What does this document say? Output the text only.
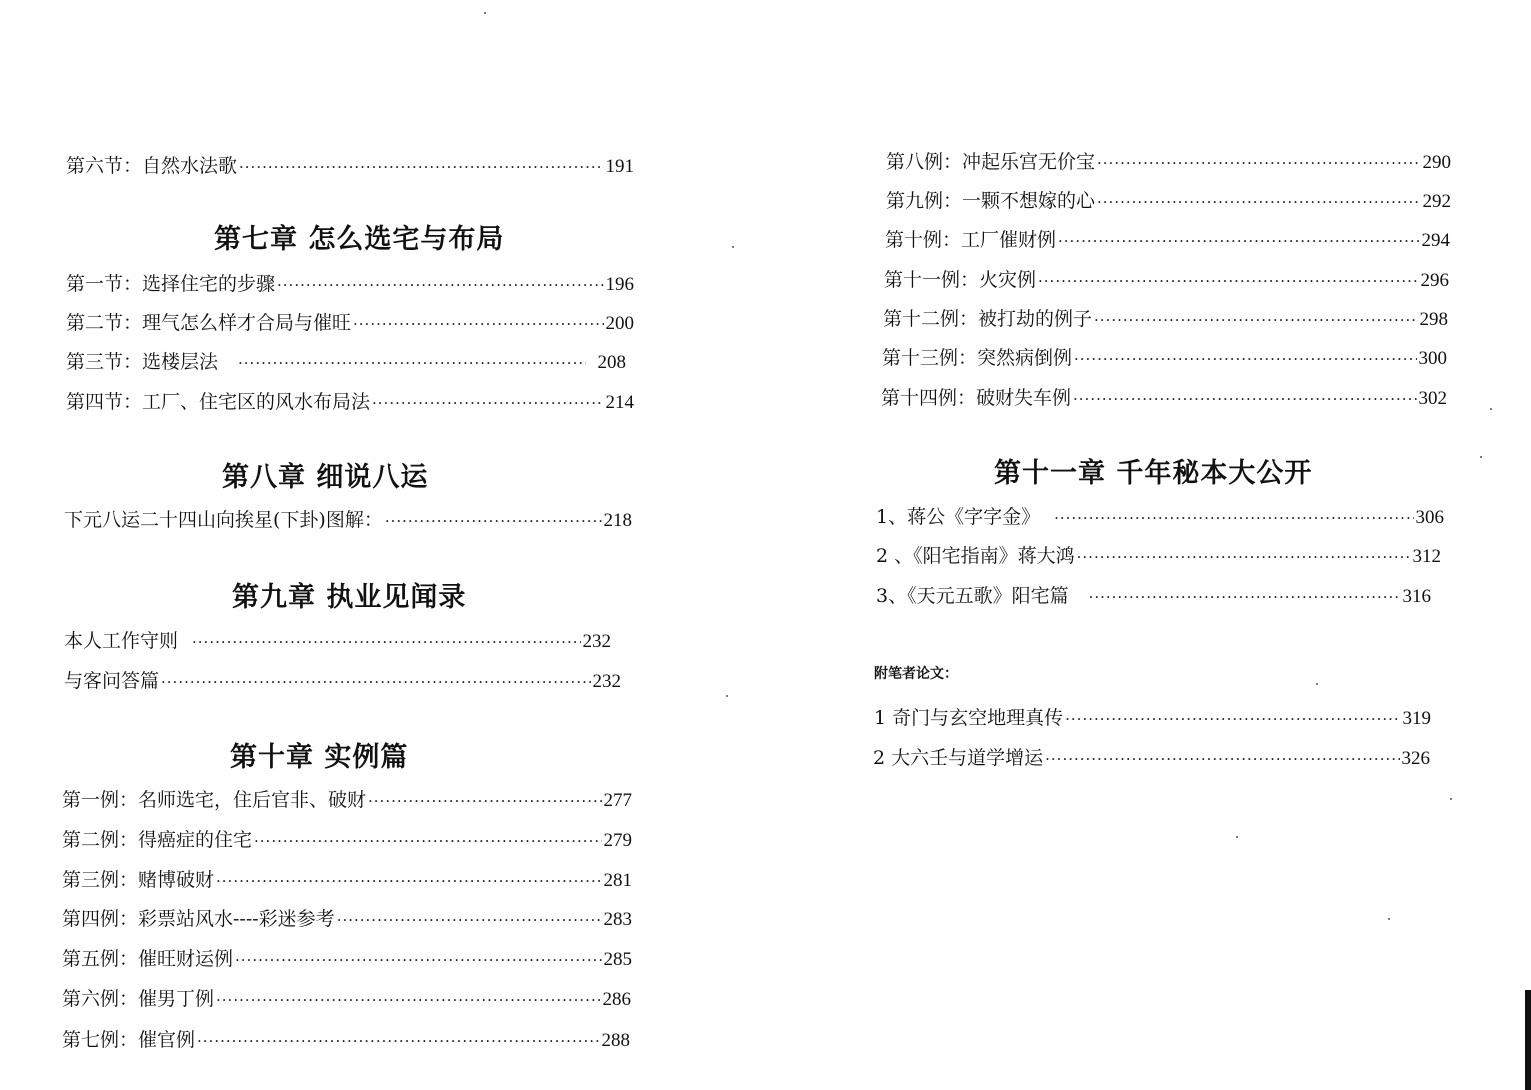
第六节：自然水法歌 ·····	191
第七章 怎么选宅与布局
第一节：选择住宅的步骤 ·····	196
第二节：理气怎么样才合局与催旺 ·····	200
第三节：选楼层法 ·····	208
第四节：工厂、住宅区的风水布局法 ·····	214
第八章 细说八运
下元八运二十四山向挨星(下卦)图解： ·····	218
第九章 执业见闻录
本人工作守则 ·····	232
与客问答篇 ·····	232
第十章 实例篇
第一例：名师选宅，住后官非、破财 ·····	277
第二例：得癌症的住宅 ·····	279
第三例：赌博破财 ·····	281
第四例：彩票站风水----彩迷参考 ·····	283
第五例：催旺财运例 ·····	285
第六例：催男丁例 ·····	286
第七例：催官例 ·····	288
第八例：冲起乐宫无价宝 ·····	290
第九例：一颗不想嫁的心 ·····	292
第十例：工厂催财例 ·····	294
第十一例：火灾例 ·····	296
第十二例：被打劫的例子 ·····	298
第十三例：突然病倒例 ·····	300
第十四例：破财失车例 ·····	302
第十一章 千年秘本大公开
1、蒋公《字字金》 ·····	306
2 、《阳宅指南》蒋大鸿 ·····	312
3、《天元五歌》阳宅篇 ·····	316
附笔者论文：
1 奇门与玄空地理真传 ·····	319
2 大六壬与道学增运 ·····	326
